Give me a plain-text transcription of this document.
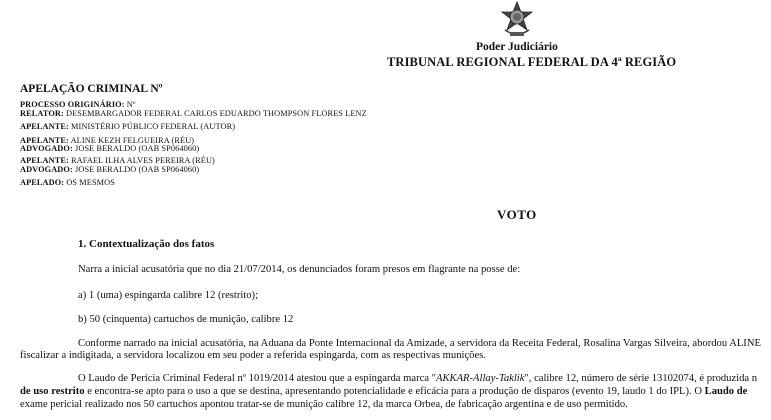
Poder Judiciário
TRIBUNAL REGIONAL FEDERAL DA 4ª REGIÃO
APELAÇÃO CRIMINAL Nº
PROCESSO ORIGINÁRIO: Nº
RELATOR: DESEMBARGADOR FEDERAL CARLOS EDUARDO THOMPSON FLORES LENZ
APELANTE: MINISTÉRIO PÚBLICO FEDERAL (AUTOR)
APELANTE: ALINE KEZH FELGUEIRA (RÉU)
ADVOGADO: JOSE BERALDO (OAB SP064060)
APELANTE: RAFAEL ILHA ALVES PEREIRA (RÉU)
ADVOGADO: JOSE BERALDO (OAB SP064060)
APELADO: OS MESMOS
VOTO
1. Contextualização dos fatos
Narra a inicial acusatória que no dia 21/07/2014, os denunciados foram presos em flagrante na posse de:
a) 1 (uma) espingarda calibre 12 (restrito);
b) 50 (cinquenta) cartuchos de munição, calibre 12
Conforme narrado na inicial acusatória, na Aduana da Ponte Internacional da Amizade, a servidora da Receita Federal, Rosalina Vargas Silveira, abordou ALINE
fiscalizar a indigitada, a servidora localizou em seu poder a referida espingarda, com as respectivas munições.
O Laudo de Perícia Criminal Federal nº 1019/2014 atestou que a espingarda marca "AKKAR-Allay-Taklik", calibre 12, número de série 13102074, é produzida n
de uso restrito e encontra-se apto para o uso a que se destina, apresentando potencialidade e eficácia para a produção de disparos (evento 19, laudo 1 do IPL). O Laudo de
exame pericial realizado nos 50 cartuchos apontou tratar-se de munição calibre 12, da marca Orbea, de fabricação argentina e de uso permitido.
